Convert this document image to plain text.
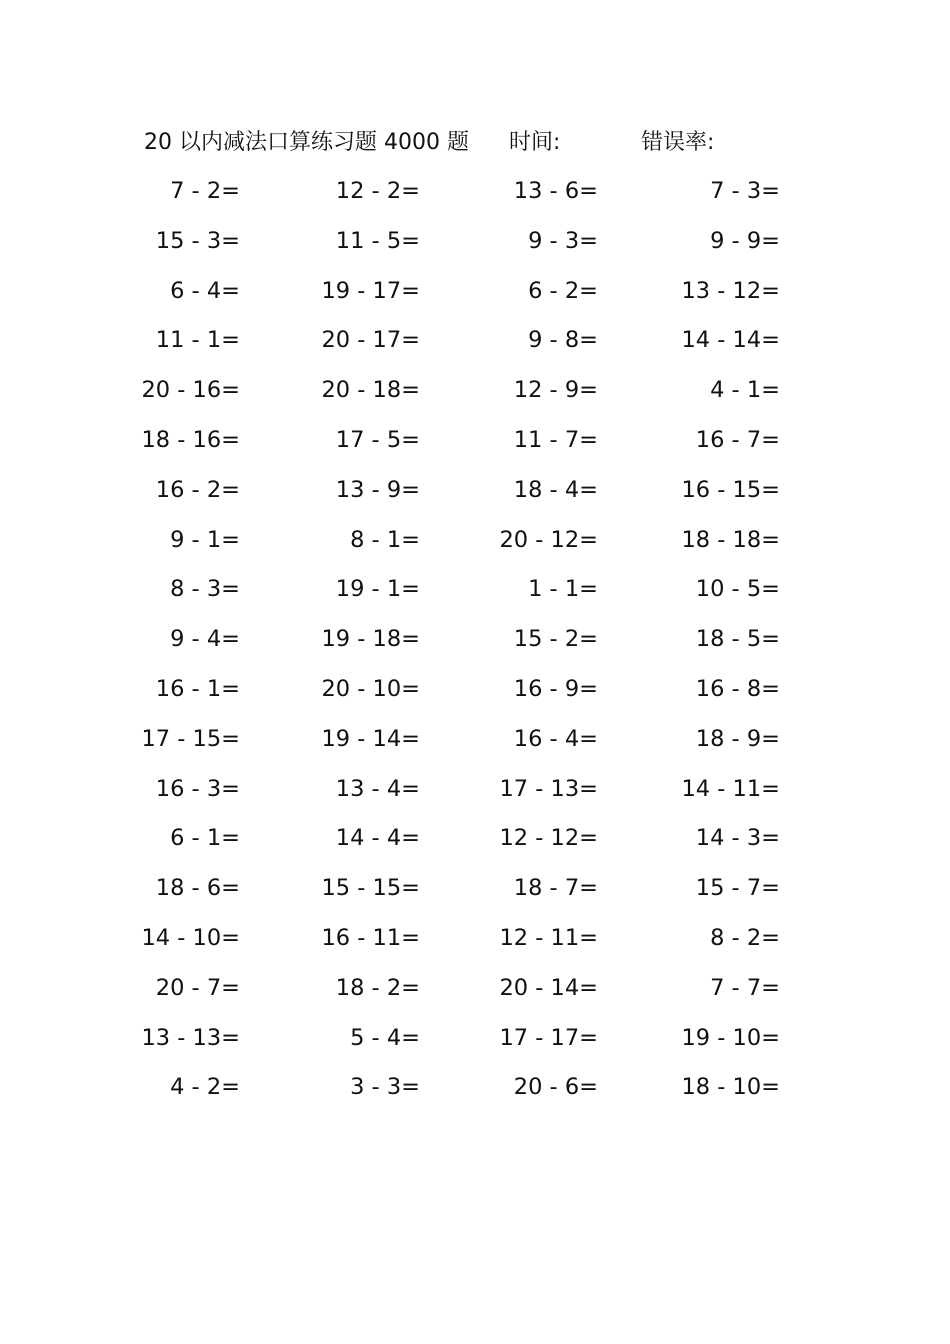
20 以内减法口算练习题 4000 题 时间:	错误率:
7 - 2=	12 - 2=	13 - 6=	7 - 3=
15 - 3=	11 - 5=	9 - 3=	9 - 9=
6 - 4=	19 - 17=	6 - 2=	13 - 12=
11 - 1=	20 - 17=	9 - 8=	14 - 14=
20 - 16=	20 - 18=	12 - 9=	4 - 1=
18 - 16=	17 - 5=	11 - 7=	16 - 7=
16 - 2=	13 - 9=	18 - 4=	16 - 15=
9 - 1=	8 - 1=	20 - 12=	18 - 18=
8 - 3=	19 - 1=	1 - 1=	10 - 5=
9 - 4=	19 - 18=	15 - 2=	18 - 5=
16 - 1=	20 - 10=	16 - 9=	16 - 8=
17 - 15=	19 - 14=	16 - 4=	18 - 9=
16 - 3=	13 - 4=	17 - 13=	14 - 11=
6 - 1=	14 - 4=	12 - 12=	14 - 3=
18 - 6=	15 - 15=	18 - 7=	15 - 7=
14 - 10=	16 - 11=	12 - 11=	8 - 2=
20 - 7=	18 - 2=	20 - 14=	7 - 7=
13 - 13=	5 - 4=	17 - 17=	19 - 10=
4 - 2=	3 - 3=	20 - 6=	18 - 10=
